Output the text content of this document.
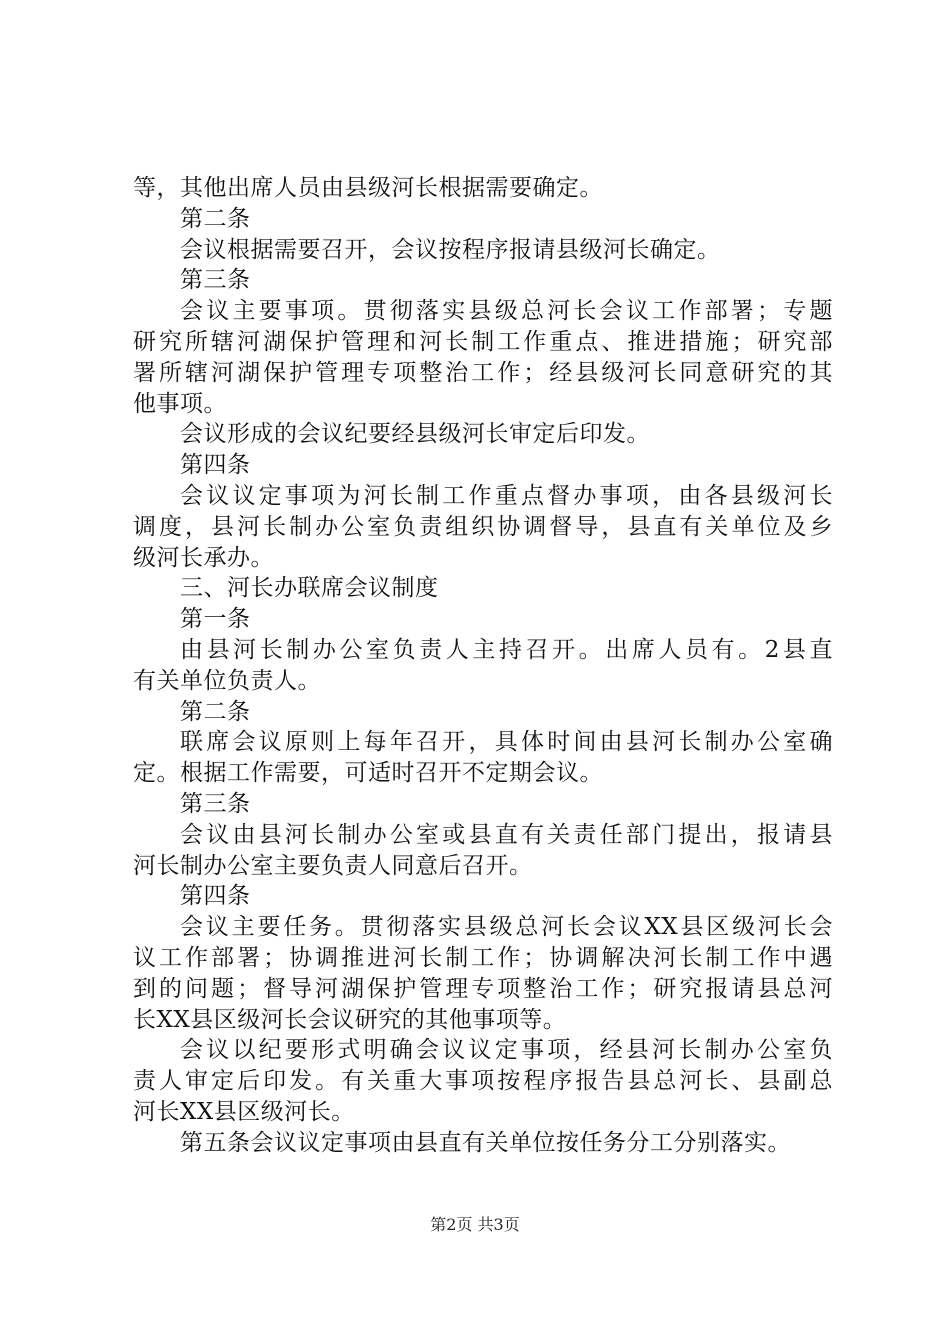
等，其他出席人员由县级河长根据需要确定。
第二条
会议根据需要召开，会议按程序报请县级河长确定。
第三条
会议主要事项。贯彻落实县级总河长会议工作部署；专题
研究所辖河湖保护管理和河长制工作重点、推进措施；研究部
署所辖河湖保护管理专项整治工作；经县级河长同意研究的其
他事项。
会议形成的会议纪要经县级河长审定后印发。
第四条
会议议定事项为河长制工作重点督办事项，由各县级河长
调度，县河长制办公室负责组织协调督导，县直有关单位及乡
级河长承办。
三、河长办联席会议制度
第一条
由县河长制办公室负责人主持召开。出席人员有。2县直
有关单位负责人。
第二条
联席会议原则上每年召开，具体时间由县河长制办公室确
定。根据工作需要，可适时召开不定期会议。
第三条
会议由县河长制办公室或县直有关责任部门提出，报请县
河长制办公室主要负责人同意后召开。
第四条
会议主要任务。贯彻落实县级总河长会议XX县区级河长会
议工作部署；协调推进河长制工作；协调解决河长制工作中遇
到的问题；督导河湖保护管理专项整治工作；研究报请县总河
长XX县区级河长会议研究的其他事项等。
会议以纪要形式明确会议议定事项，经县河长制办公室负
责人审定后印发。有关重大事项按程序报告县总河长、县副总
河长XX县区级河长。
第五条会议议定事项由县直有关单位按任务分工分别落实。
第2页 共3页
